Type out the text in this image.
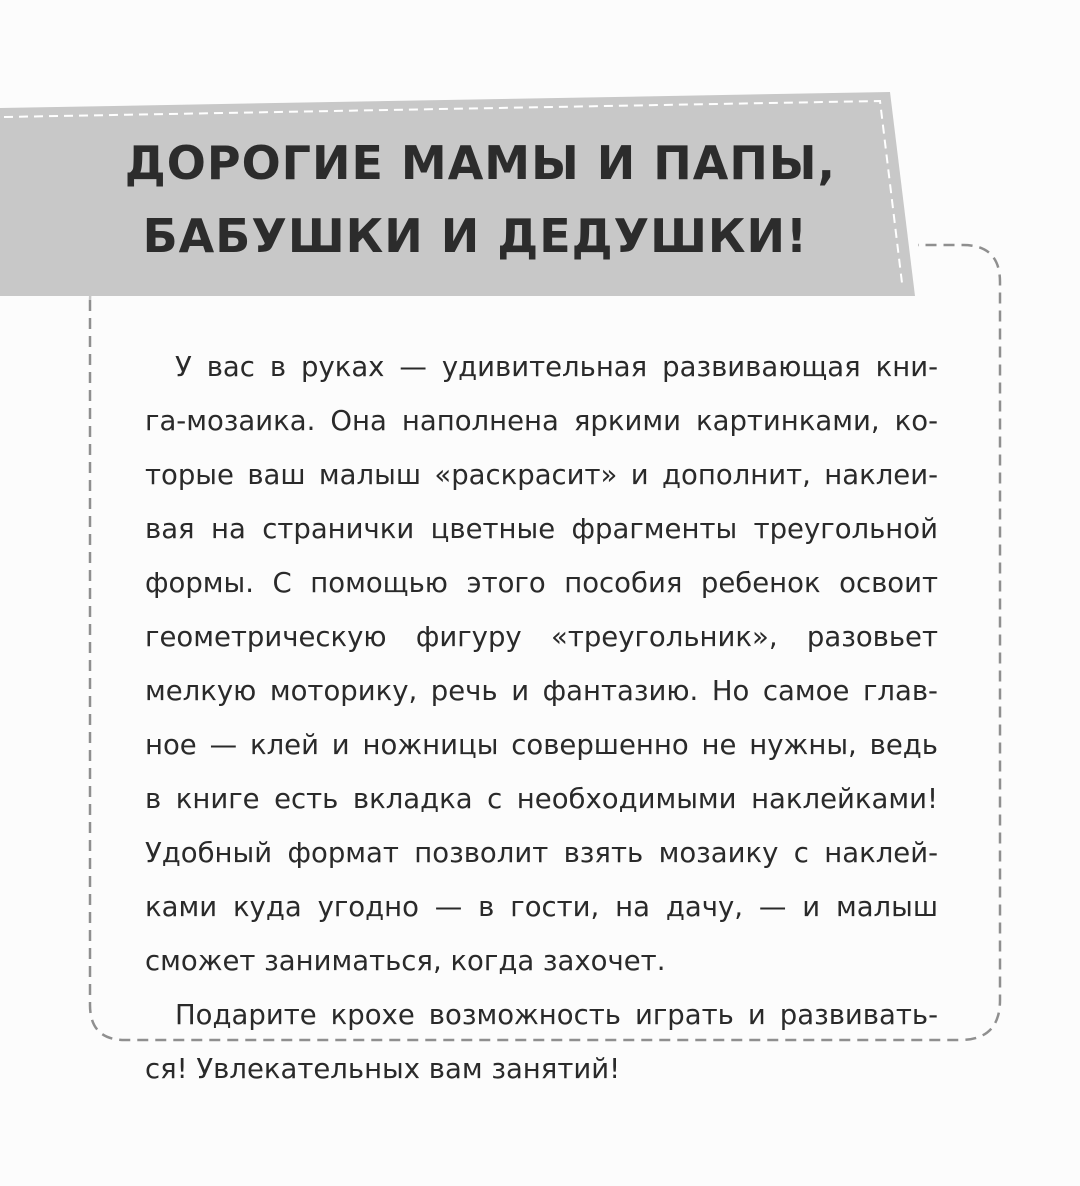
ДОРОГИЕ МАМЫ И ПАПЫ,
БАБУШКИ И ДЕДУШКИ!

У вас в руках — удивительная развивающая кни-
га-мозаика. Она наполнена яркими картинками, ко-
торые ваш малыш «раскрасит» и дополнит, наклеи-
вая на странички цветные фрагменты треугольной
формы. С помощью этого пособия ребенок освоит
геометрическую фигуру «треугольник», разовьет
мелкую моторику, речь и фантазию. Но самое глав-
ное — клей и ножницы совершенно не нужны, ведь
в книге есть вкладка с необходимыми наклейками!
Удобный формат позволит взять мозаику с наклей-
ками куда угодно — в гости, на дачу, — и малыш
сможет заниматься, когда захочет.

Подарите крохе возможность играть и развивать-
ся! Увлекательных вам занятий!
